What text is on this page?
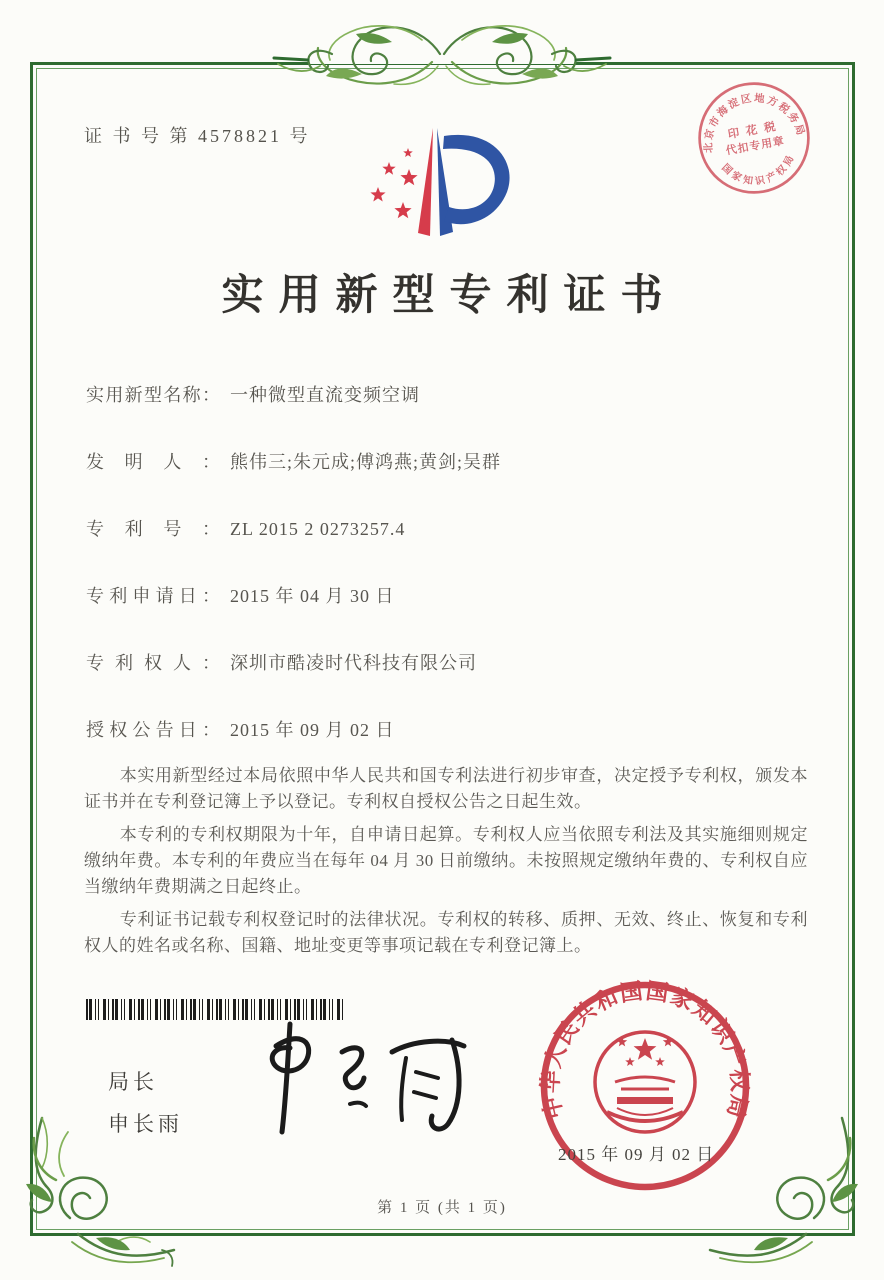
证 书 号 第 4578821 号
北京市海淀区地方税务局
国家知识产权局
印 花 税
代扣专用章
实用新型专利证书
实用新型名称： 一种微型直流变频空调
发明人： 熊伟三;朱元成;傅鸿燕;黄剑;吴群
专利号： ZL 2015 2 0273257.4
专利申请日： 2015 年 04 月 30 日
专利权人： 深圳市酷凌时代科技有限公司
授权公告日： 2015 年 09 月 02 日

本实用新型经过本局依照中华人民共和国专利法进行初步审查，决定授予专利权，颁发本证书并在专利登记簿上予以登记。专利权自授权公告之日起生效。

本专利的专利权期限为十年，自申请日起算。专利权人应当依照专利法及其实施细则规定缴纳年费。本专利的年费应当在每年 04 月 30 日前缴纳。未按照规定缴纳年费的、专利权自应当缴纳年费期满之日起终止。

专利证书记载专利权登记时的法律状况。专利权的转移、质押、无效、终止、恢复和专利权人的姓名或名称、国籍、地址变更等事项记载在专利登记簿上。

局长
申长雨
中华人民共和国国家知识产权局
2015 年 09 月 02 日
第 1 页 (共 1 页)
